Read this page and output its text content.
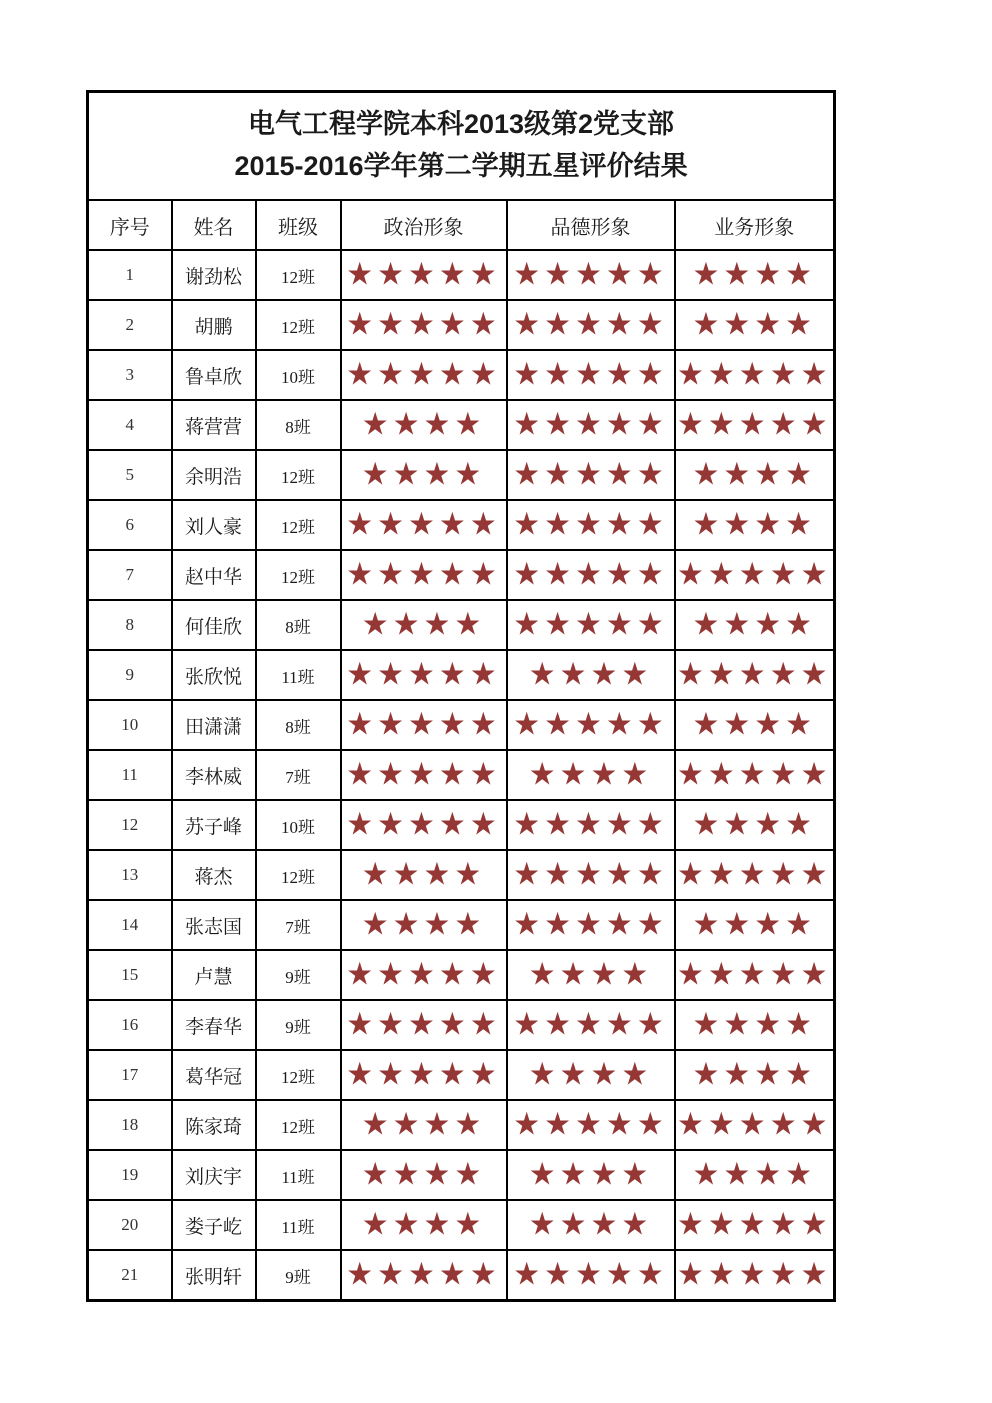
电气工程学院本科2013级第2党支部
2015-2016学年第二学期五星评价结果					

序号	姓名	班级	政治形象	品德形象	业务形象
1	谢劲松	12班	★★★★★	★★★★★	★★★★
2	胡鹏	12班	★★★★★	★★★★★	★★★★
3	鲁卓欣	10班	★★★★★	★★★★★	★★★★★
4	蒋营营	8班	★★★★	★★★★★	★★★★★
5	余明浩	12班	★★★★	★★★★★	★★★★
6	刘人豪	12班	★★★★★	★★★★★	★★★★
7	赵中华	12班	★★★★★	★★★★★	★★★★★
8	何佳欣	8班	★★★★	★★★★★	★★★★
9	张欣悦	11班	★★★★★	★★★★	★★★★★
10	田潇潇	8班	★★★★★	★★★★★	★★★★
11	李林威	7班	★★★★★	★★★★	★★★★★
12	苏子峰	10班	★★★★★	★★★★★	★★★★
13	蒋杰	12班	★★★★	★★★★★	★★★★★
14	张志国	7班	★★★★	★★★★★	★★★★
15	卢慧	9班	★★★★★	★★★★	★★★★★
16	李春华	9班	★★★★★	★★★★★	★★★★
17	葛华冠	12班	★★★★★	★★★★	★★★★
18	陈家琦	12班	★★★★	★★★★★	★★★★★
19	刘庆宇	11班	★★★★	★★★★	★★★★
20	娄子屹	11班	★★★★	★★★★	★★★★★
21	张明轩	9班	★★★★★	★★★★★	★★★★★
